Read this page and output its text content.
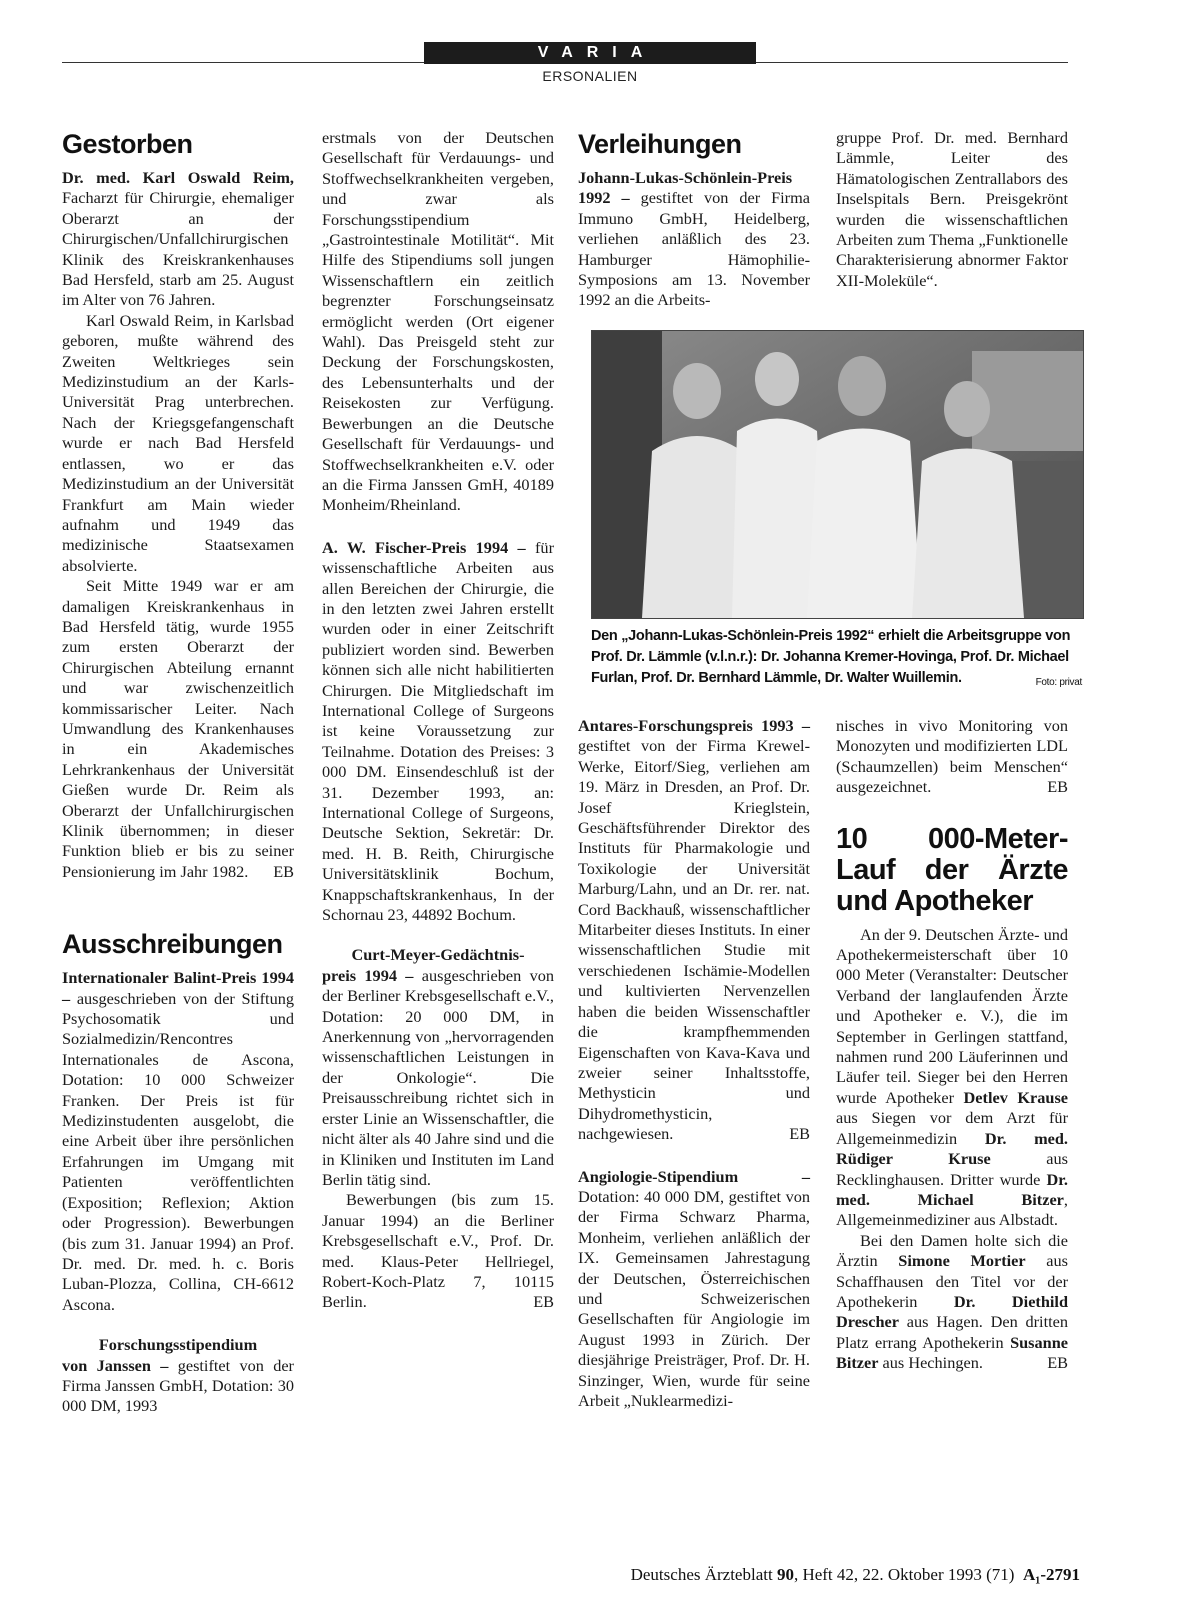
VARIA
ERSONALIEN
Gestorben

Dr. med. Karl Oswald Reim, Facharzt für Chirurgie, ehemaliger Oberarzt an der Chirurgischen/Unfallchirurgischen Klinik des Kreiskrankenhauses Bad Hersfeld, starb am 25. August im Alter von 76 Jahren.

Karl Oswald Reim, in Karlsbad geboren, mußte während des Zweiten Weltkrieges sein Medizinstudium an der Karls-Universität Prag unterbrechen. Nach der Kriegsgefangenschaft wurde er nach Bad Hersfeld entlassen, wo er das Medizinstudium an der Universität Frankfurt am Main wieder aufnahm und 1949 das medizinische Staatsexamen absolvierte.

Seit Mitte 1949 war er am damaligen Kreiskrankenhaus in Bad Hersfeld tätig, wurde 1955 zum ersten Oberarzt der Chirurgischen Abteilung ernannt und war zwischenzeitlich kommissarischer Leiter. Nach Umwandlung des Krankenhauses in ein Akademisches Lehrkrankenhaus der Universität Gießen wurde Dr. Reim als Oberarzt der Unfallchirurgischen Klinik übernommen; in dieser Funktion blieb er bis zu seiner Pensionierung im Jahr 1982.	EB

Ausschreibungen

Internationaler Balint-Preis 1994 – ausgeschrieben von der Stiftung Psychosomatik und Sozialmedizin/Rencontres Internationales de Ascona, Dotation: 10 000 Schweizer Franken. Der Preis ist für Medizinstudenten ausgelobt, die eine Arbeit über ihre persönlichen Erfahrungen im Umgang mit Patienten veröffentlichten (Exposition; Reflexion; Aktion oder Progression). Bewerbungen (bis zum 31. Januar 1994) an Prof. Dr. med. Dr. med. h. c. Boris Luban-Plozza, Collina, CH-6612 Ascona.

Forschungsstipendium

von Janssen – gestiftet von der Firma Janssen GmbH, Dotation: 30 000 DM, 1993

erstmals von der Deutschen Gesellschaft für Verdauungs- und Stoffwechselkrankheiten vergeben, und zwar als Forschungsstipendium „Gastrointestinale Motilität“. Mit Hilfe des Stipendiums soll jungen Wissenschaftlern ein zeitlich begrenzter Forschungseinsatz ermöglicht werden (Ort eigener Wahl). Das Preisgeld steht zur Deckung der Forschungskosten, des Lebensunterhalts und der Reisekosten zur Verfügung. Bewerbungen an die Deutsche Gesellschaft für Verdauungs- und Stoffwechselkrankheiten e.V. oder an die Firma Janssen GmH, 40189 Monheim/Rheinland.

A. W. Fischer-Preis 1994 – für wissenschaftliche Arbeiten aus allen Bereichen der Chirurgie, die in den letzten zwei Jahren erstellt wurden oder in einer Zeitschrift publiziert worden sind. Bewerben können sich alle nicht habilitierten Chirurgen. Die Mitgliedschaft im International College of Surgeons ist keine Voraussetzung zur Teilnahme. Dotation des Preises: 3 000 DM. Einsendeschluß ist der 31. Dezember 1993, an: International College of Surgeons, Deutsche Sektion, Sekretär: Dr. med. H. B. Reith, Chirurgische Universitätsklinik Bochum, Knappschaftskrankenhaus, In der Schornau 23, 44892 Bochum.

Curt-Meyer-Gedächtnis-

preis 1994 – ausgeschrieben von der Berliner Krebsgesellschaft e.V., Dotation: 20 000 DM, in Anerkennung von „hervorragenden wissenschaftlichen Leistungen in der Onkologie“. Die Preisausschreibung richtet sich in erster Linie an Wissenschaftler, die nicht älter als 40 Jahre sind und die in Kliniken und Instituten im Land Berlin tätig sind.

Bewerbungen (bis zum 15. Januar 1994) an die Berliner Krebsgesellschaft e.V., Prof. Dr. med. Klaus-Peter Hellriegel, Robert-Koch-Platz 7, 10115 Berlin.	EB

Verleihungen

Johann-Lukas-Schönlein-Preis 1992 – gestiftet von der Firma Immuno GmbH, Heidelberg, verliehen anläßlich des 23. Hamburger Hämophilie-Symposions am 13. November 1992 an die Arbeits-

gruppe Prof. Dr. med. Bernhard Lämmle, Leiter des Hämatologischen Zentrallabors des Inselspitals Bern. Preisgekrönt wurden die wissenschaftlichen Arbeiten zum Thema „Funktionelle Charakterisierung abnormer Faktor XII-Moleküle“.

Den „Johann-Lukas-Schönlein-Preis 1992“ erhielt die Arbeitsgruppe von Prof. Dr. Lämmle (v.l.n.r.): Dr. Johanna Kremer-Hovinga, Prof. Dr. Michael Furlan, Prof. Dr. Bernhard Lämmle, Dr. Walter Wuillemin.	Foto: privat

Antares-Forschungspreis 1993 – gestiftet von der Firma Krewel-Werke, Eitorf/Sieg, verliehen am 19. März in Dresden, an Prof. Dr. Josef Krieglstein, Geschäftsführender Direktor des Instituts für Pharmakologie und Toxikologie der Universität Marburg/Lahn, und an Dr. rer. nat. Cord Backhauß, wissenschaftlicher Mitarbeiter dieses Instituts. In einer wissenschaftlichen Studie mit verschiedenen Ischämie-Modellen und kultivierten Nervenzellen haben die beiden Wissenschaftler die krampfhemmenden Eigenschaften von Kava-Kava und zweier seiner Inhaltsstoffe, Methysticin und Dihydromethysticin, nachgewiesen.	EB

Angiologie-Stipendium – Dotation: 40 000 DM, gestiftet von der Firma Schwarz Pharma, Monheim, verliehen anläßlich der IX. Gemeinsamen Jahrestagung der Deutschen, Österreichischen und Schweizerischen Gesellschaften für Angiologie im August 1993 in Zürich. Der diesjährige Preisträger, Prof. Dr. H. Sinzinger, Wien, wurde für seine Arbeit „Nuklearmedizi-

nisches in vivo Monitoring von Monozyten und modifizierten LDL (Schaumzellen) beim Menschen“ ausgezeichnet.	EB

10 000-Meter-Lauf der Ärzte und Apotheker

An der 9. Deutschen Ärzte- und Apothekermeisterschaft über 10 000 Meter (Veranstalter: Deutscher Verband der langlaufenden Ärzte und Apotheker e. V.), die im September in Gerlingen stattfand, nahmen rund 200 Läuferinnen und Läufer teil. Sieger bei den Herren wurde Apotheker Detlev Krause aus Siegen vor dem Arzt für Allgemeinmedizin Dr. med. Rüdiger Kruse aus Recklinghausen. Dritter wurde Dr. med. Michael Bitzer, Allgemeinmediziner aus Albstadt.

Bei den Damen holte sich die Ärztin Simone Mortier aus Schaffhausen den Titel vor der Apothekerin Dr. Diethild Drescher aus Hagen. Den dritten Platz errang Apothekerin Susanne Bitzer aus Hechingen.	EB

Deutsches Ärzteblatt 90, Heft 42, 22. Oktober 1993 (71) A₁-2791
